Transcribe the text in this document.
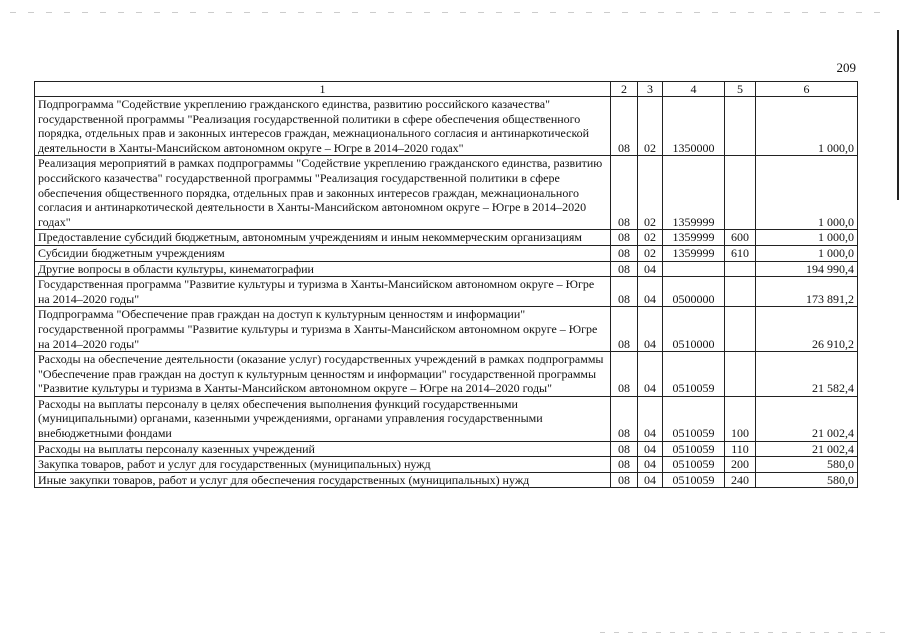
209
1	2	3	4	5	6
Подпрограмма "Содействие укреплению гражданского единства, развитию российского казачества" государственной программы "Реализация государственной политики в сфере обеспечения общественного порядка, отдельных прав и законных интересов граждан, межнационального согласия и антинаркотической деятельности в Ханты-Мансийском автономном округе – Югре в 2014–2020 годах"	08	02	1350000		1 000,0
Реализация мероприятий в рамках подпрограммы "Содействие укреплению гражданского единства, развитию российского казачества" государственной программы "Реализация государственной политики в сфере обеспечения общественного порядка, отдельных прав и законных интересов граждан, межнационального согласия и антинаркотической деятельности в Ханты-Мансийском автономном округе – Югре в 2014–2020 годах"	08	02	1359999		1 000,0
Предоставление субсидий бюджетным, автономным учреждениям и иным некоммерческим организациям	08	02	1359999	600	1 000,0
Субсидии бюджетным учреждениям	08	02	1359999	610	1 000,0
Другие вопросы в области культуры, кинематографии	08	04			194 990,4
Государственная программа "Развитие культуры и туризма в Ханты-Мансийском автономном округе – Югре на 2014–2020 годы"	08	04	0500000		173 891,2
Подпрограмма "Обеспечение прав граждан на доступ к культурным ценностям и информации" государственной программы "Развитие культуры и туризма в Ханты-Мансийском автономном округе – Югре на 2014–2020 годы"	08	04	0510000		26 910,2
Расходы на обеспечение деятельности (оказание услуг) государственных учреждений в рамках подпрограммы "Обеспечение прав граждан на доступ к культурным ценностям и информации" государственной программы "Развитие культуры и туризма в Ханты-Мансийском автономном округе – Югре на 2014–2020 годы"	08	04	0510059		21 582,4
Расходы на выплаты персоналу в целях обеспечения выполнения функций государственными (муниципальными) органами, казенными учреждениями, органами управления государственными внебюджетными фондами	08	04	0510059	100	21 002,4
Расходы на выплаты персоналу казенных учреждений	08	04	0510059	110	21 002,4
Закупка товаров, работ и услуг для государственных (муниципальных) нужд	08	04	0510059	200	580,0
Иные закупки товаров, работ и услуг для обеспечения государственных (муниципальных) нужд	08	04	0510059	240	580,0
